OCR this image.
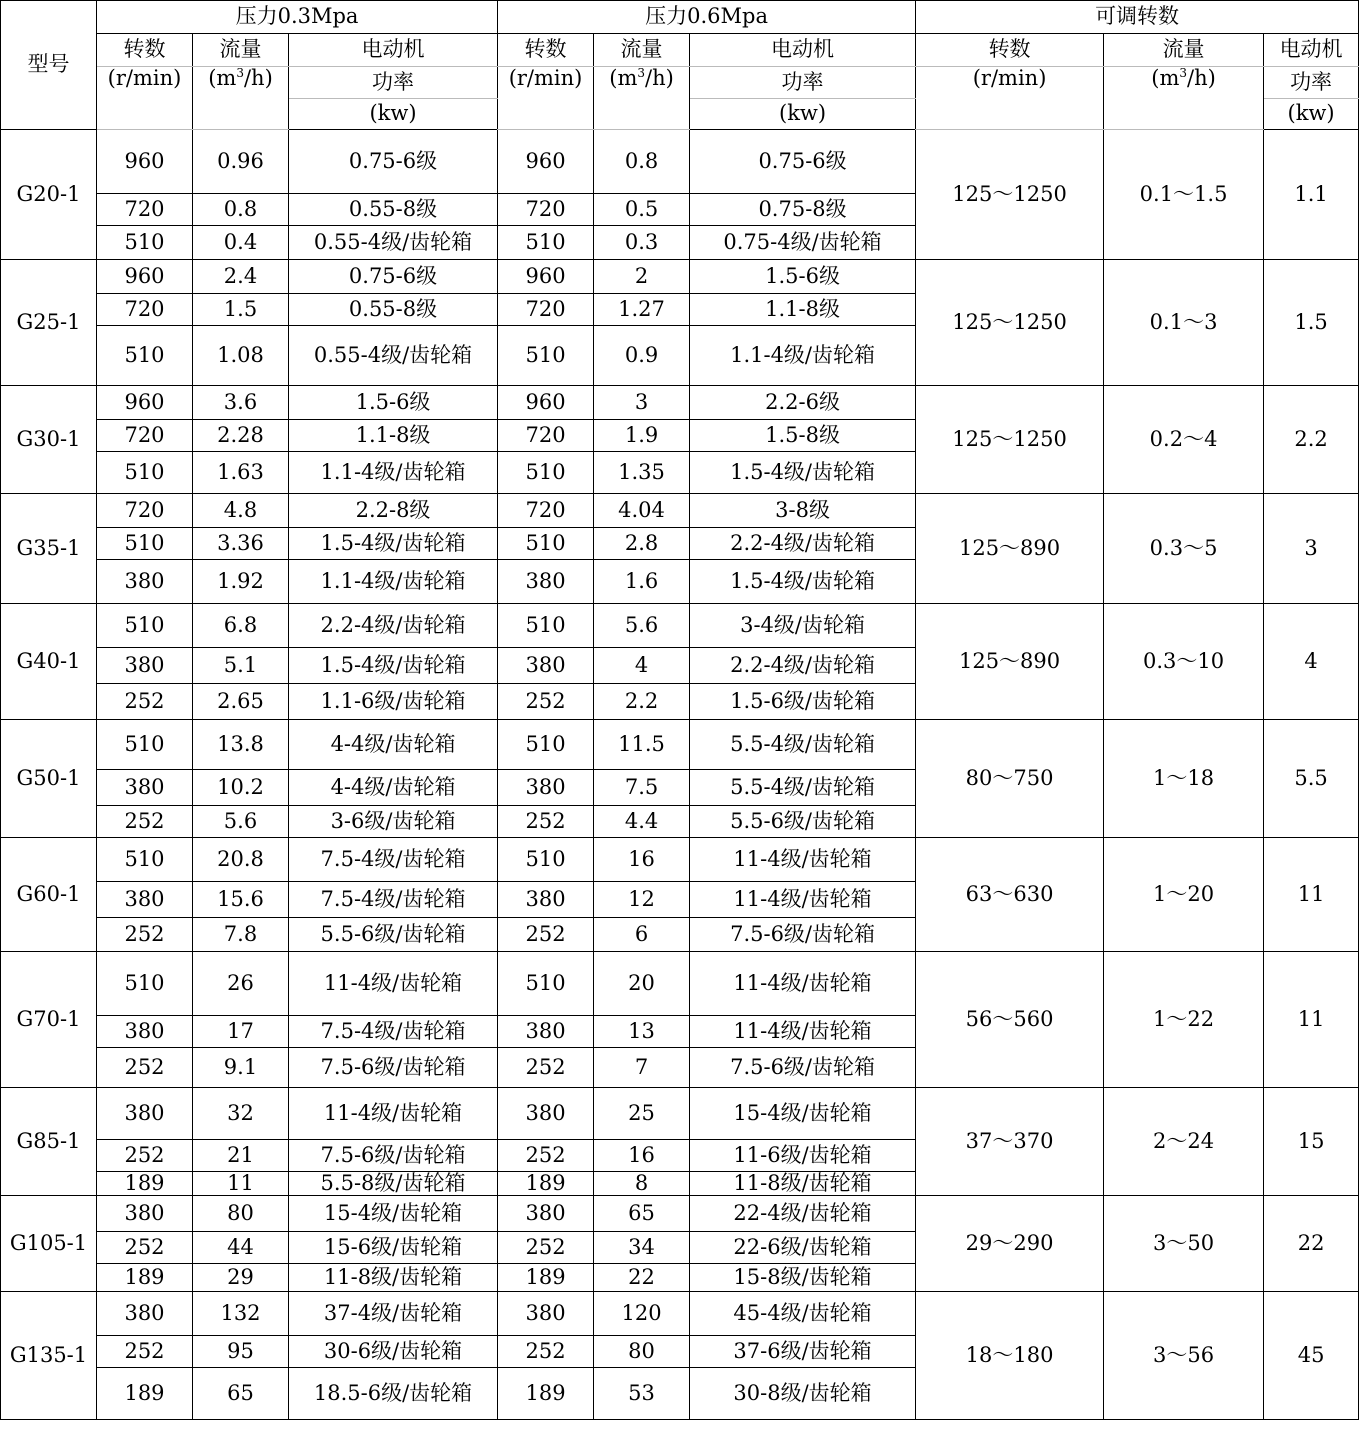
型号	压力0.3Mpa			压力0.6Mpa			可调转数		
	转数	流量	电动机	转数	流量	电动机	转数	流量	电动机
	(r/min)	$(m^3/h)$	功率	(r/min)	$(m^3/h)$	功率	(r/min)	$(m^3/h)$	功率
			(kw)			(kw)			(kw)
G20-1	960	0.96	0.75-6级	960	0.8	0.75-6级	125～1250	0.1～1.5	1.1
	720	0.8	0.55-8级	720	0.5	0.75-8级			
	510	0.4	0.55-4级/齿轮箱	510	0.3	0.75-4级/齿轮箱			
G25-1	960	2.4	0.75-6级	960	2	1.5-6级	125～1250	0.1～3	1.5
	720	1.5	0.55-8级	720	1.27	1.1-8级			
	510	1.08	0.55-4级/齿轮箱	510	0.9	1.1-4级/齿轮箱			
G30-1	960	3.6	1.5-6级	960	3	2.2-6级	125～1250	0.2～4	2.2
	720	2.28	1.1-8级	720	1.9	1.5-8级			
	510	1.63	1.1-4级/齿轮箱	510	1.35	1.5-4级/齿轮箱			
G35-1	720	4.8	2.2-8级	720	4.04	3-8级	125～890	0.3～5	3
	510	3.36	1.5-4级/齿轮箱	510	2.8	2.2-4级/齿轮箱			
	380	1.92	1.1-4级/齿轮箱	380	1.6	1.5-4级/齿轮箱			
G40-1	510	6.8	2.2-4级/齿轮箱	510	5.6	3-4级/齿轮箱	125～890	0.3～10	4
	380	5.1	1.5-4级/齿轮箱	380	4	2.2-4级/齿轮箱			
	252	2.65	1.1-6级/齿轮箱	252	2.2	1.5-6级/齿轮箱			
G50-1	510	13.8	4-4级/齿轮箱	510	11.5	5.5-4级/齿轮箱	80～750	1～18	5.5
	380	10.2	4-4级/齿轮箱	380	7.5	5.5-4级/齿轮箱			
	252	5.6	3-6级/齿轮箱	252	4.4	5.5-6级/齿轮箱			
G60-1	510	20.8	7.5-4级/齿轮箱	510	16	11-4级/齿轮箱	63～630	1～20	11
	380	15.6	7.5-4级/齿轮箱	380	12	11-4级/齿轮箱			
	252	7.8	5.5-6级/齿轮箱	252	6	7.5-6级/齿轮箱			
G70-1	510	26	11-4级/齿轮箱	510	20	11-4级/齿轮箱	56～560	1～22	11
	380	17	7.5-4级/齿轮箱	380	13	11-4级/齿轮箱			
	252	9.1	7.5-6级/齿轮箱	252	7	7.5-6级/齿轮箱			
G85-1	380	32	11-4级/齿轮箱	380	25	15-4级/齿轮箱	37～370	2～24	15
	252	21	7.5-6级/齿轮箱	252	16	11-6级/齿轮箱			
	189	11	5.5-8级/齿轮箱	189	8	11-8级/齿轮箱			
G105-1	380	80	15-4级/齿轮箱	380	65	22-4级/齿轮箱	29～290	3～50	22
	252	44	15-6级/齿轮箱	252	34	22-6级/齿轮箱			
	189	29	11-8级/齿轮箱	189	22	15-8级/齿轮箱			
G135-1	380	132	37-4级/齿轮箱	380	120	45-4级/齿轮箱	18～180	3～56	45
	252	95	30-6级/齿轮箱	252	80	37-6级/齿轮箱			
	189	65	18.5-6级/齿轮箱	189	53	30-8级/齿轮箱			
